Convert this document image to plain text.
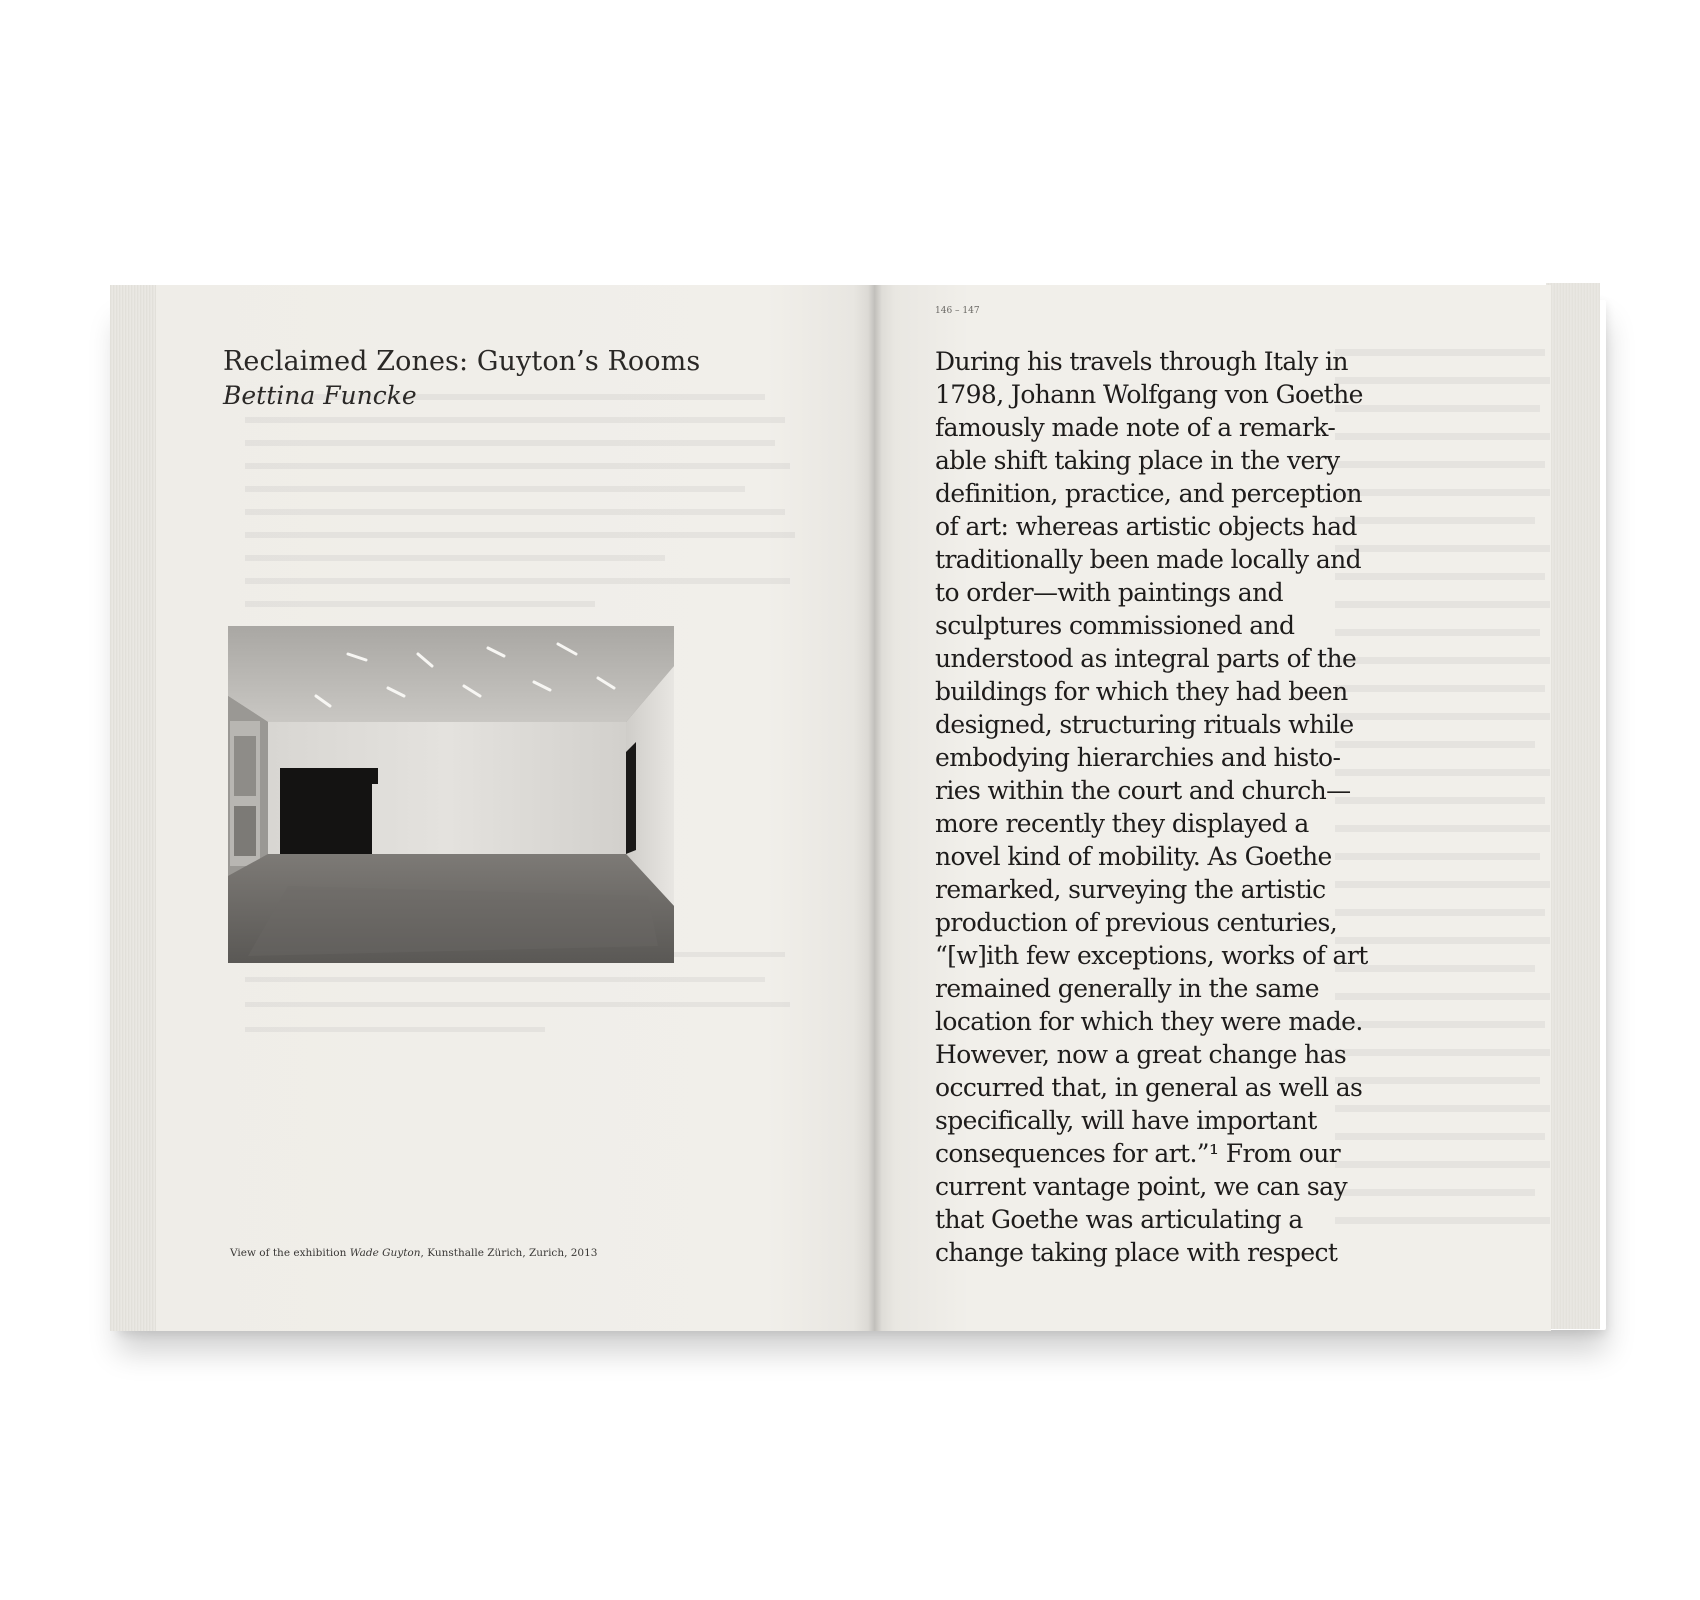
Reclaimed Zones: Guyton’s Rooms
Bettina Funcke
View of the exhibition Wade Guyton, Kunsthalle Zürich, Zurich, 2013
146 – 147
During his travels through Italy in
1798, Johann Wolfgang von Goethe
famously made note of a remark-
able shift taking place in the very
definition, practice, and perception
of art: whereas artistic objects had
traditionally been made locally and
to order—with paintings and
sculptures commissioned and
understood as integral parts of the
buildings for which they had been
designed, structuring rituals while
embodying hierarchies and histo-
ries within the court and church—
more recently they displayed a
novel kind of mobility. As Goethe
remarked, surveying the artistic
production of previous centuries,
“[w]ith few exceptions, works of art
remained generally in the same
location for which they were made.
However, now a great change has
occurred that, in general as well as
specifically, will have important
consequences for art.”¹ From our
current vantage point, we can say
that Goethe was articulating a
change taking place with respect
